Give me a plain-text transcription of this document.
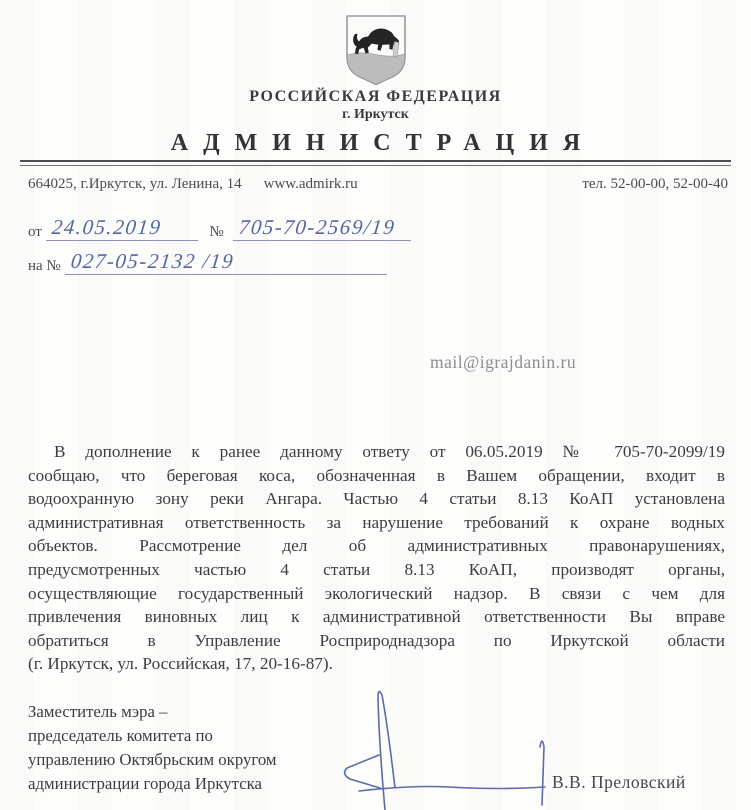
РОССИЙСКАЯ ФЕДЕРАЦИЯ
г. Иркутск
АДМИНИСТРАЦИЯ
664025, г.Иркутск, ул. Ленина, 14 www.admirk.ru	тел. 52-00-00, 52-00-40
от 24.05.2019	№ 705-70-2569/19
на № 027-05-2132 /19
mail@igrajdanin.ru
В дополнение к ранее данному ответу от 06.05.2019 № 705-70-2099/19
сообщаю, что береговая коса, обозначенная в Вашем обращении, входит в
водоохранную зону реки Ангара. Частью 4 статьи 8.13 КоАП установлена
административная ответственность за нарушение требований к охране водных
объектов. Рассмотрение дел об административных правонарушениях,
предусмотренных частью 4 статьи 8.13 КоАП, производят органы,
осуществляющие государственный экологический надзор. В связи с чем для
привлечения виновных лиц к административной ответственности Вы вправе
обратиться в Управление Росприроднадзора по Иркутской области
(г. Иркутск, ул. Российская, 17, 20-16-87).
Заместитель мэра –
председатель комитета по
управлению Октябрьским округом
администрации города Иркутска	В.В. Преловский
